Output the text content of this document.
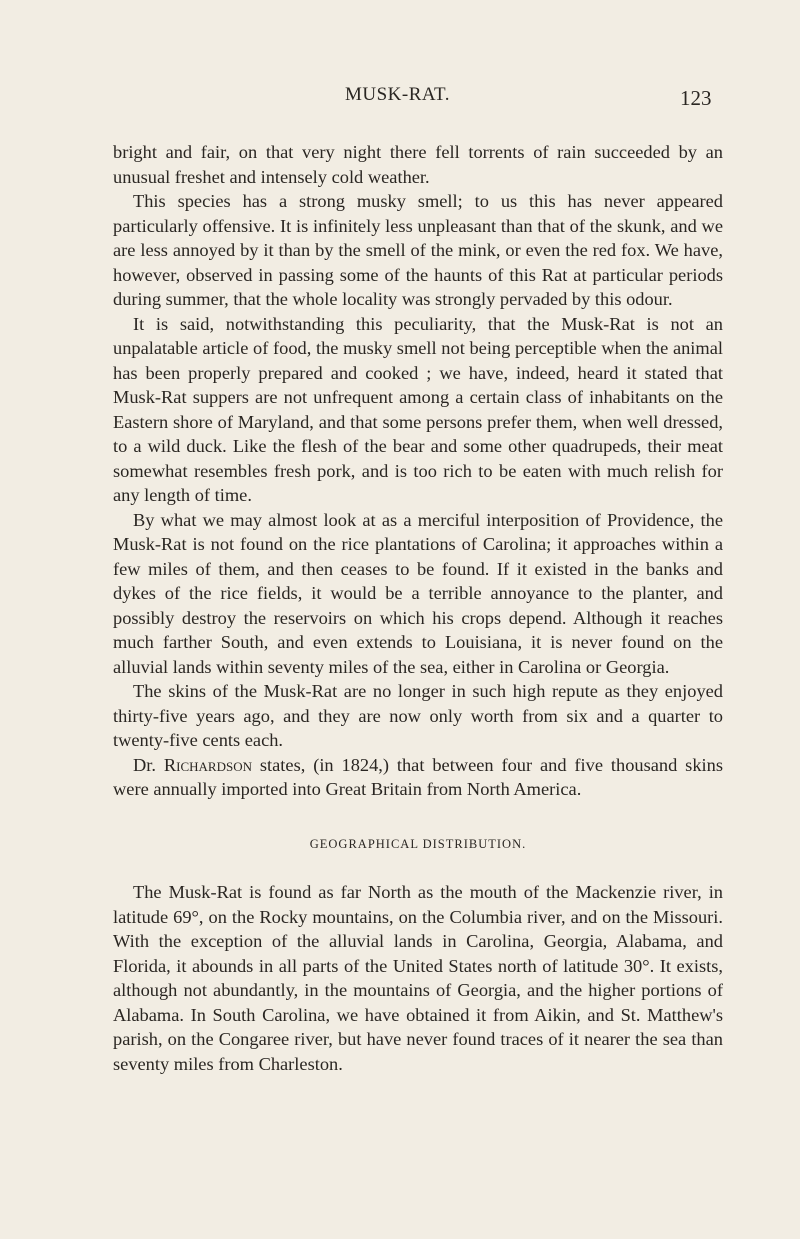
MUSK-RAT.	123

bright and fair, on that very night there fell torrents of rain succeeded by an unusual freshet and intensely cold weather.

This species has a strong musky smell; to us this has never appeared particularly offensive. It is infinitely less unpleasant than that of the skunk, and we are less annoyed by it than by the smell of the mink, or even the red fox. We have, however, observed in passing some of the haunts of this Rat at particular periods during summer, that the whole locality was strongly pervaded by this odour.

It is said, notwithstanding this peculiarity, that the Musk-Rat is not an unpalatable article of food, the musky smell not being perceptible when the animal has been properly prepared and cooked ; we have, indeed, heard it stated that Musk-Rat suppers are not unfrequent among a certain class of inhabitants on the Eastern shore of Maryland, and that some persons prefer them, when well dressed, to a wild duck. Like the flesh of the bear and some other quadrupeds, their meat somewhat resembles fresh pork, and is too rich to be eaten with much relish for any length of time.

By what we may almost look at as a merciful interposition of Providence, the Musk-Rat is not found on the rice plantations of Carolina; it approaches within a few miles of them, and then ceases to be found. If it existed in the banks and dykes of the rice fields, it would be a terrible annoyance to the planter, and possibly destroy the reservoirs on which his crops depend. Although it reaches much farther South, and even extends to Louisiana, it is never found on the alluvial lands within seventy miles of the sea, either in Carolina or Georgia.

The skins of the Musk-Rat are no longer in such high repute as they enjoyed thirty-five years ago, and they are now only worth from six and a quarter to twenty-five cents each.

Dr. Richardson states, (in 1824,) that between four and five thousand skins were annually imported into Great Britain from North America.

GEOGRAPHICAL DISTRIBUTION.

The Musk-Rat is found as far North as the mouth of the Mackenzie river, in latitude 69°, on the Rocky mountains, on the Columbia river, and on the Missouri. With the exception of the alluvial lands in Carolina, Georgia, Alabama, and Florida, it abounds in all parts of the United States north of latitude 30°. It exists, although not abundantly, in the mountains of Georgia, and the higher portions of Alabama. In South Carolina, we have obtained it from Aikin, and St. Matthew's parish, on the Congaree river, but have never found traces of it nearer the sea than seventy miles from Charleston.
